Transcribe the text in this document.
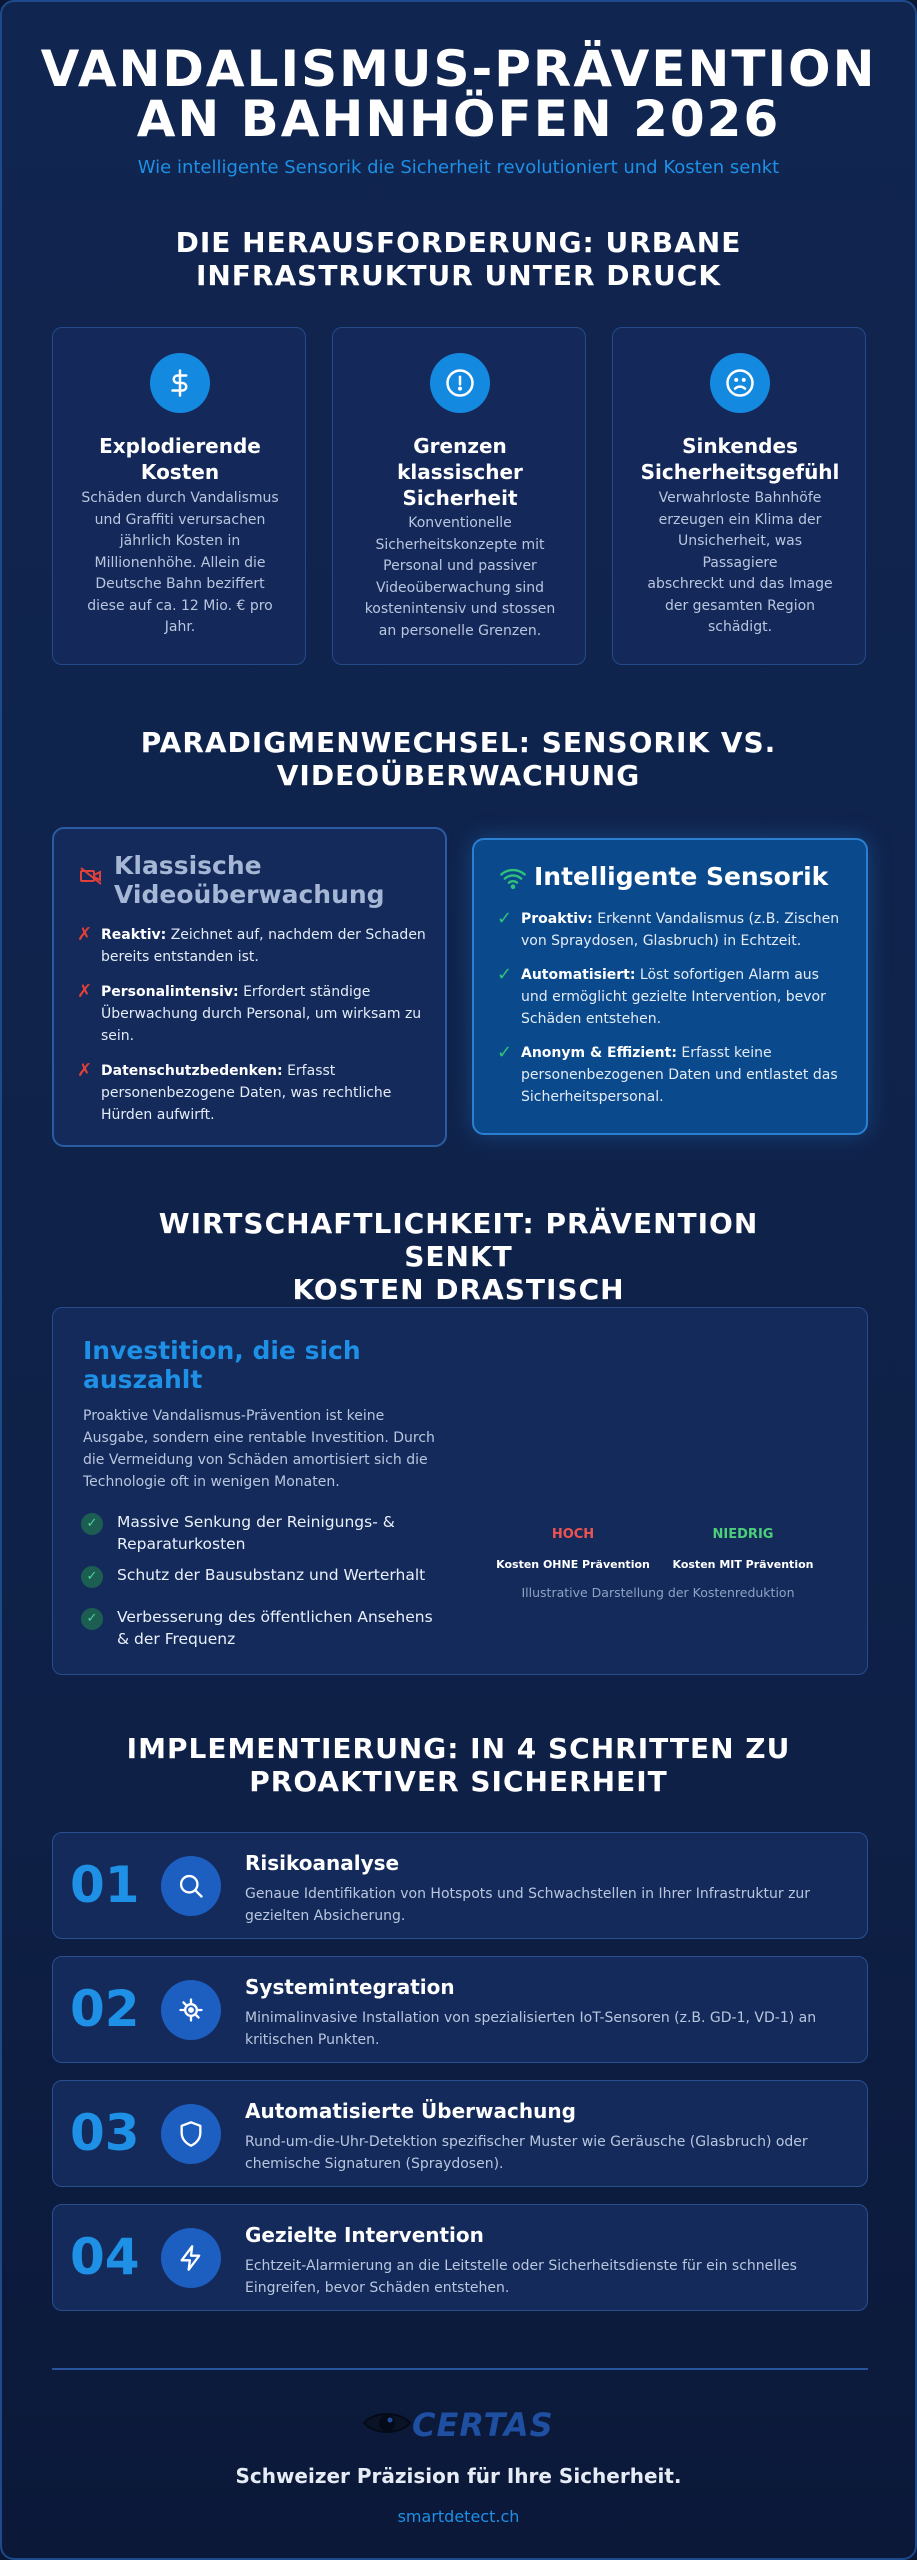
VANDALISMUS-PRÄVENTION
AN BAHNHÖFEN 2026
Wie intelligente Sensorik die Sicherheit revolutioniert und Kosten senkt
DIE HERAUSFORDERUNG: URBANE
INFRASTRUKTUR UNTER DRUCK
Explodierende
Kosten
Schäden durch Vandalismus
und Graffiti verursachen
jährlich Kosten in
Millionenhöhe. Allein die
Deutsche Bahn beziffert
diese auf ca. 12 Mio. € pro
Jahr.
Grenzen
klassischer
Sicherheit
Konventionelle
Sicherheitskonzepte mit
Personal und passiver
Videoüberwachung sind
kostenintensiv und stossen
an personelle Grenzen.
Sinkendes
Sicherheitsgefühl
Verwahrloste Bahnhöfe
erzeugen ein Klima der
Unsicherheit, was Passagiere
abschreckt und das Image
der gesamten Region
schädigt.
PARADIGMENWECHSEL: SENSORIK VS.
VIDEOÜBERWACHUNG
Klassische
Videoüberwachung
✗ Reaktiv: Zeichnet auf, nachdem der Schaden
bereits entstanden ist.
✗ Personalintensiv: Erfordert ständige
Überwachung durch Personal, um wirksam zu
sein.
✗ Datenschutzbedenken: Erfasst
personenbezogene Daten, was rechtliche
Hürden aufwirft.
Intelligente Sensorik
✓ Proaktiv: Erkennt Vandalismus (z.B. Zischen
von Spraydosen, Glasbruch) in Echtzeit.
✓ Automatisiert: Löst sofortigen Alarm aus
und ermöglicht gezielte Intervention, bevor
Schäden entstehen.
✓ Anonym & Effizient: Erfasst keine
personenbezogenen Daten und entlastet das
Sicherheitspersonal.
WIRTSCHAFTLICHKEIT: PRÄVENTION SENKT
KOSTEN DRASTISCH
Investition, die sich
auszahlt
Proaktive Vandalismus-Prävention ist keine
Ausgabe, sondern eine rentable Investition. Durch
die Vermeidung von Schäden amortisiert sich die
Technologie oft in wenigen Monaten.
✓	Massive Senkung der Reinigungs- &
Reparaturkosten
✓	Schutz der Bausubstanz und Werterhalt
✓	Verbesserung des öffentlichen Ansehens
& der Frequenz
HOCH
Kosten OHNE Prävention
NIEDRIG
Kosten MIT Prävention
Illustrative Darstellung der Kostenreduktion
IMPLEMENTIERUNG: IN 4 SCHRITTEN ZU
PROAKTIVER SICHERHEIT
01	Risikoanalyse
Genaue Identifikation von Hotspots und Schwachstellen in Ihrer Infrastruktur zur
gezielten Absicherung.
02	Systemintegration
Minimalinvasive Installation von spezialisierten IoT-Sensoren (z.B. GD-1, VD-1) an
kritischen Punkten.
03	Automatisierte Überwachung
Rund-um-die-Uhr-Detektion spezifischer Muster wie Geräusche (Glasbruch) oder
chemische Signaturen (Spraydosen).
04	Gezielte Intervention
Echtzeit-Alarmierung an die Leitstelle oder Sicherheitsdienste für ein schnelles
Eingreifen, bevor Schäden entstehen.
CERTAS
Schweizer Präzision für Ihre Sicherheit.
smartdetect.ch
